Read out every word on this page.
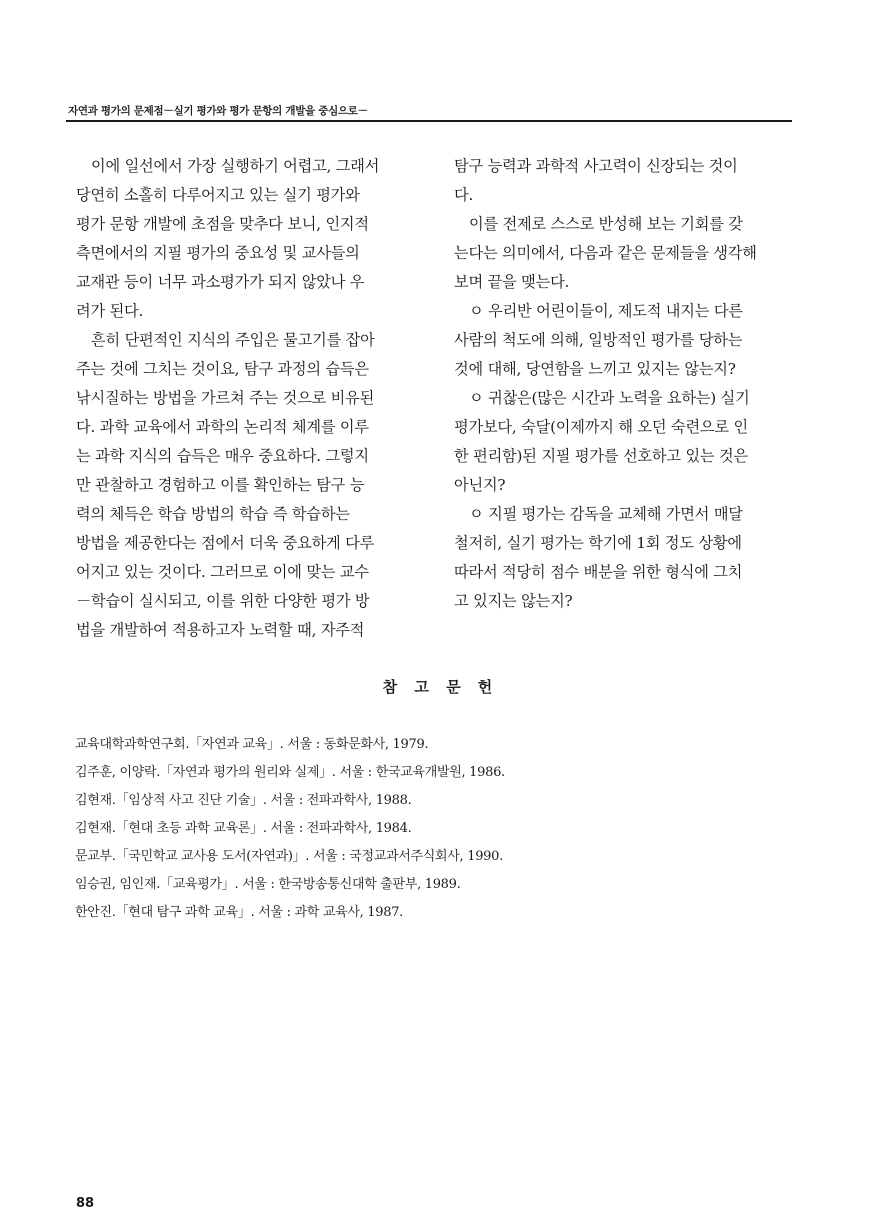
자연과 평가의 문제점－실기 평가와 평가 문항의 개발을 중심으로－
이에 일선에서 가장 실행하기 어렵고, 그래서
당연히 소홀히 다루어지고 있는 실기 평가와
평가 문항 개발에 초점을 맞추다 보니, 인지적
측면에서의 지필 평가의 중요성 및 교사들의
교재관 등이 너무 과소평가가 되지 않았나 우
려가 된다.
흔히 단편적인 지식의 주입은 물고기를 잡아
주는 것에 그치는 것이요, 탐구 과정의 습득은
낚시질하는 방법을 가르쳐 주는 것으로 비유된
다. 과학 교육에서 과학의 논리적 체계를 이루
는 과학 지식의 습득은 매우 중요하다. 그렇지
만 관찰하고 경험하고 이를 확인하는 탐구 능
력의 체득은 학습 방법의 학습 즉 학습하는
방법을 제공한다는 점에서 더욱 중요하게 다루
어지고 있는 것이다. 그러므로 이에 맞는 교수
－학습이 실시되고, 이를 위한 다양한 평가 방
법을 개발하여 적용하고자 노력할 때, 자주적
탐구 능력과 과학적 사고력이 신장되는 것이
다.
이를 전제로 스스로 반성해 보는 기회를 갖
는다는 의미에서, 다음과 같은 문제들을 생각해
보며 끝을 맺는다.
ㅇ 우리반 어린이들이, 제도적 내지는 다른
사람의 척도에 의해, 일방적인 평가를 당하는
것에 대해, 당연함을 느끼고 있지는 않는지?
ㅇ 귀찮은(많은 시간과 노력을 요하는) 실기
평가보다, 숙달(이제까지 해 오던 숙련으로 인
한 편리함)된 지필 평가를 선호하고 있는 것은
아닌지?
ㅇ 지필 평가는 감독을 교체해 가면서 매달
철저히, 실기 평가는 학기에 1회 정도 상황에
따라서 적당히 점수 배분을 위한 형식에 그치
고 있지는 않는지?
참 고 문 헌
교육대학과학연구회.「자연과 교육」. 서울 : 동화문화사, 1979.
김주훈, 이양락.「자연과 평가의 원리와 실제」. 서울 : 한국교육개발원, 1986.
김현재.「임상적 사고 진단 기술」. 서울 : 전파과학사, 1988.
김현재.「현대 초등 과학 교육론」. 서울 : 전파과학사, 1984.
문교부.「국민학교 교사용 도서(자연과)」. 서울 : 국정교과서주식회사, 1990.
임승권, 임인재.「교육평가」. 서울 : 한국방송통신대학 출판부, 1989.
한안진.「현대 탐구 과학 교육」. 서울 : 과학 교육사, 1987.
88
